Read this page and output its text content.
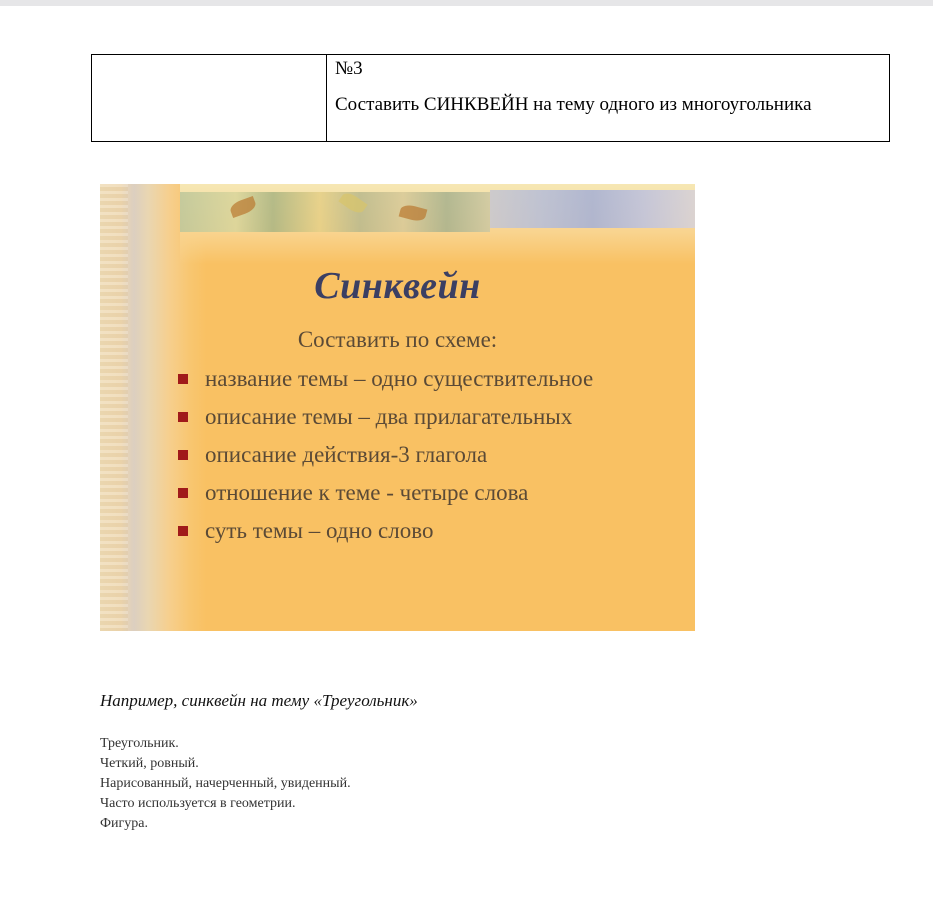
№3
Составить СИНКВЕЙН на тему одного из многоугольника
Синквейн
Составить по схеме:
название темы – одно существительное
описание темы – два прилагательных
описание действия-3 глагола
отношение к теме - четыре слова
суть темы – одно слово
Например, синквейн на тему «Треугольник»
Треугольник.
Четкий, ровный.
Нарисованный, начерченный, увиденный.
Часто используется в геометрии.
Фигура.
